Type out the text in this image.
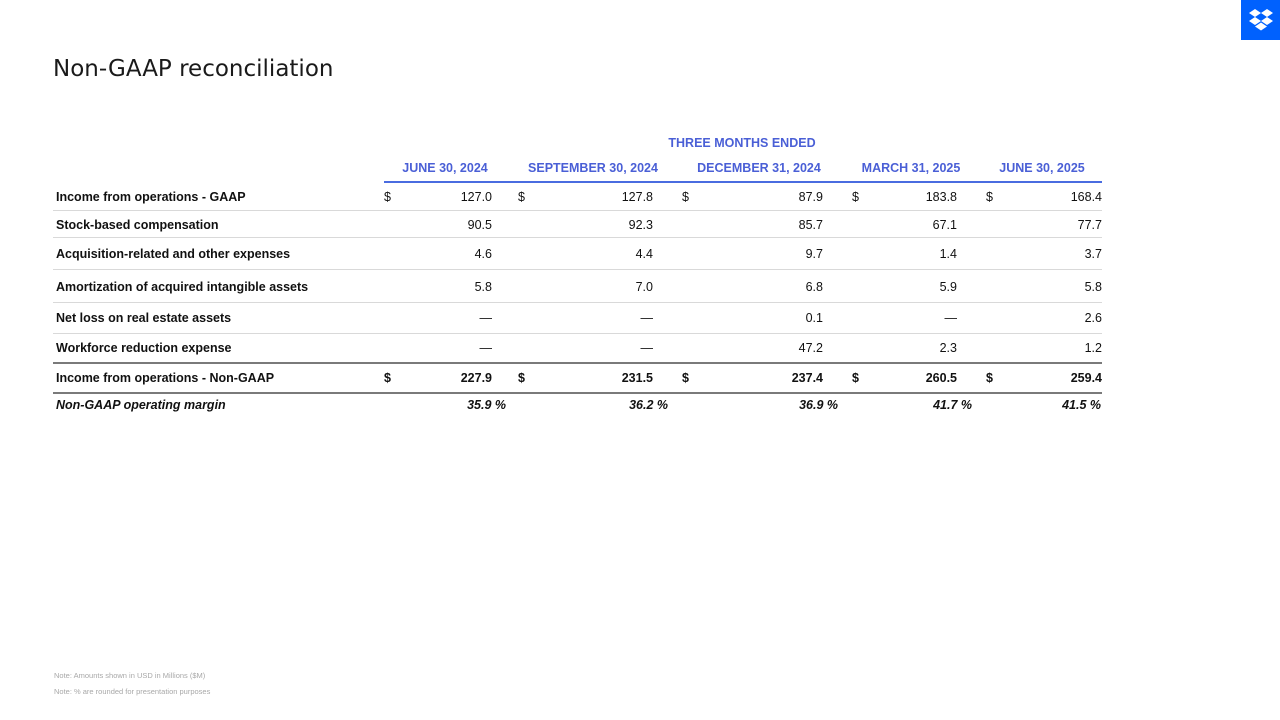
Non-GAAP reconciliation
THREE MONTHS ENDED
JUNE 30, 2024	SEPTEMBER 30, 2024	DECEMBER 31, 2024	MARCH 31, 2025	JUNE 30, 2025
Income from operations - GAAP	$	127.0 $	127.8 $	87.9 $	183.8 $	168.4
Stock-based compensation	90.5	92.3	85.7	67.1	77.7
Acquisition-related and other expenses	4.6	4.4	9.7	1.4	3.7
Amortization of acquired intangible assets	5.8	7.0	6.8	5.9	5.8
Net loss on real estate assets	—	—	0.1	—	2.6
Workforce reduction expense	—	—	47.2	2.3	1.2
Income from operations - Non-GAAP	$	227.9 $	231.5 $	237.4 $	260.5 $	259.4
Non-GAAP operating margin	35.9 %	36.2 %	36.9 %	41.7 %	41.5 %
Note: Amounts shown in USD in Millions ($M)
Note: % are rounded for presentation purposes
